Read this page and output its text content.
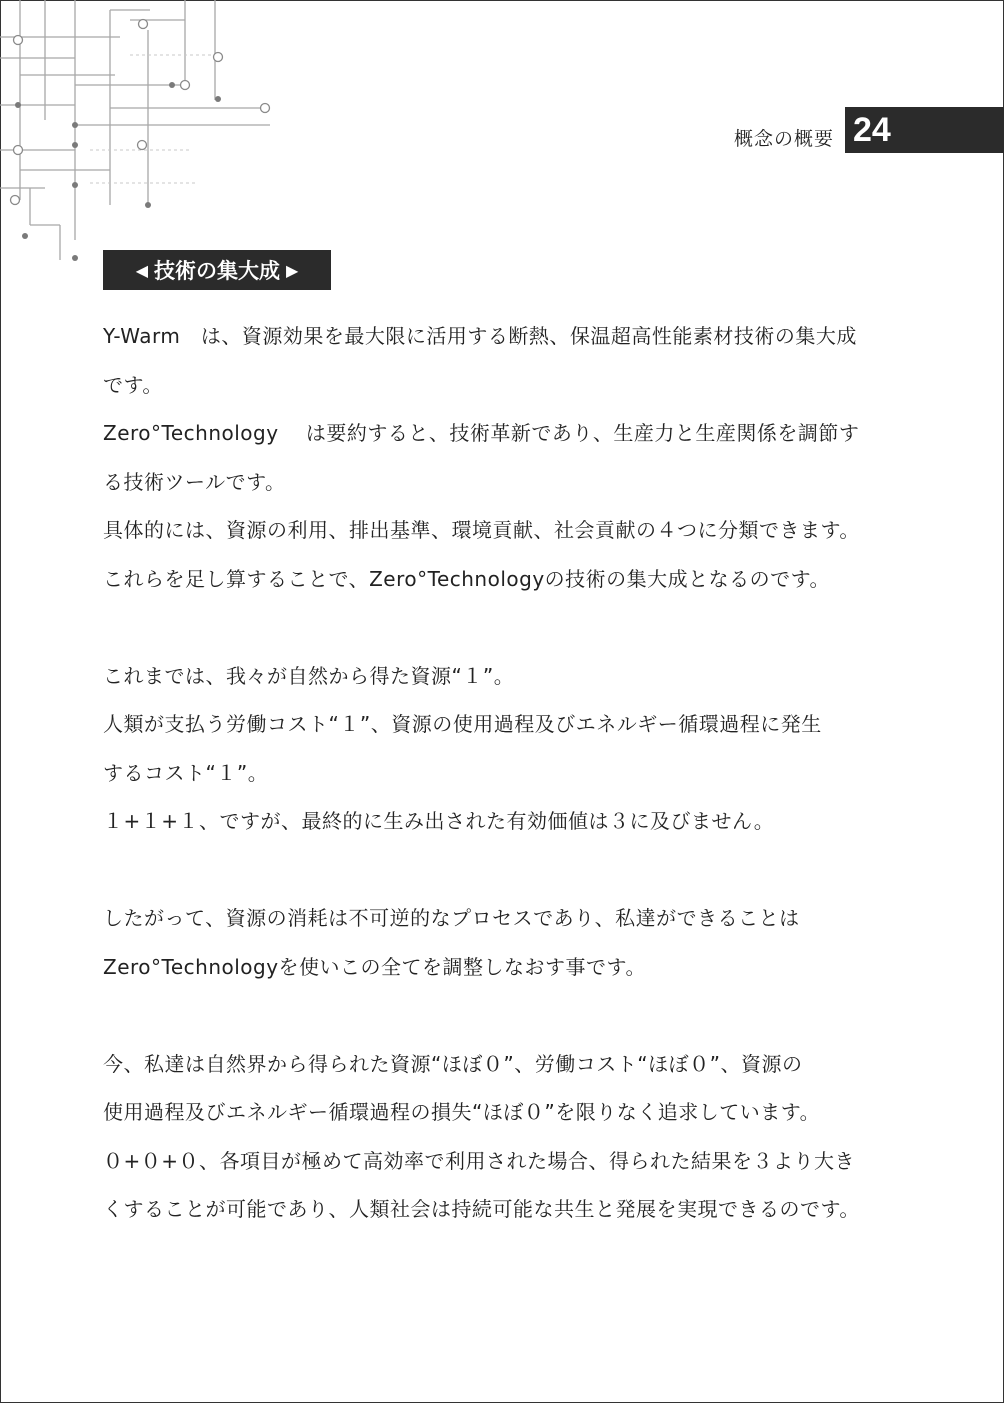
概念の概要 24
◀ 技術の集大成 ▶
Y-Warm　は、資源効果を最大限に活用する断熱、保温超高性能素材技術の集大成
です。
Zero°Technology　 は要約すると、技術革新であり、生産力と生産関係を調節す
る技術ツールです。
具体的には、資源の利用、排出基準、環境貢献、社会貢献の４つに分類できます。
これらを足し算することで、Zero°Technologyの技術の集大成となるのです。
これまでは、我々が自然から得た資源“１”。
人類が支払う労働コスト“１”、資源の使用過程及びエネルギー循環過程に発生
するコスト“１”。
１+１+１、ですが、最終的に生み出された有効価値は３に及びません。
したがって、資源の消耗は不可逆的なプロセスであり、私達ができることは
Zero°Technologyを使いこの全てを調整しなおす事です。
今、私達は自然界から得られた資源“ほぼ０”、労働コスト“ほぼ０”、資源の
使用過程及びエネルギー循環過程の損失“ほぼ０”を限りなく追求しています。
０+０+０、各項目が極めて高効率で利用された場合、得られた結果を３より大き
くすることが可能であり、人類社会は持続可能な共生と発展を実現できるのです。
